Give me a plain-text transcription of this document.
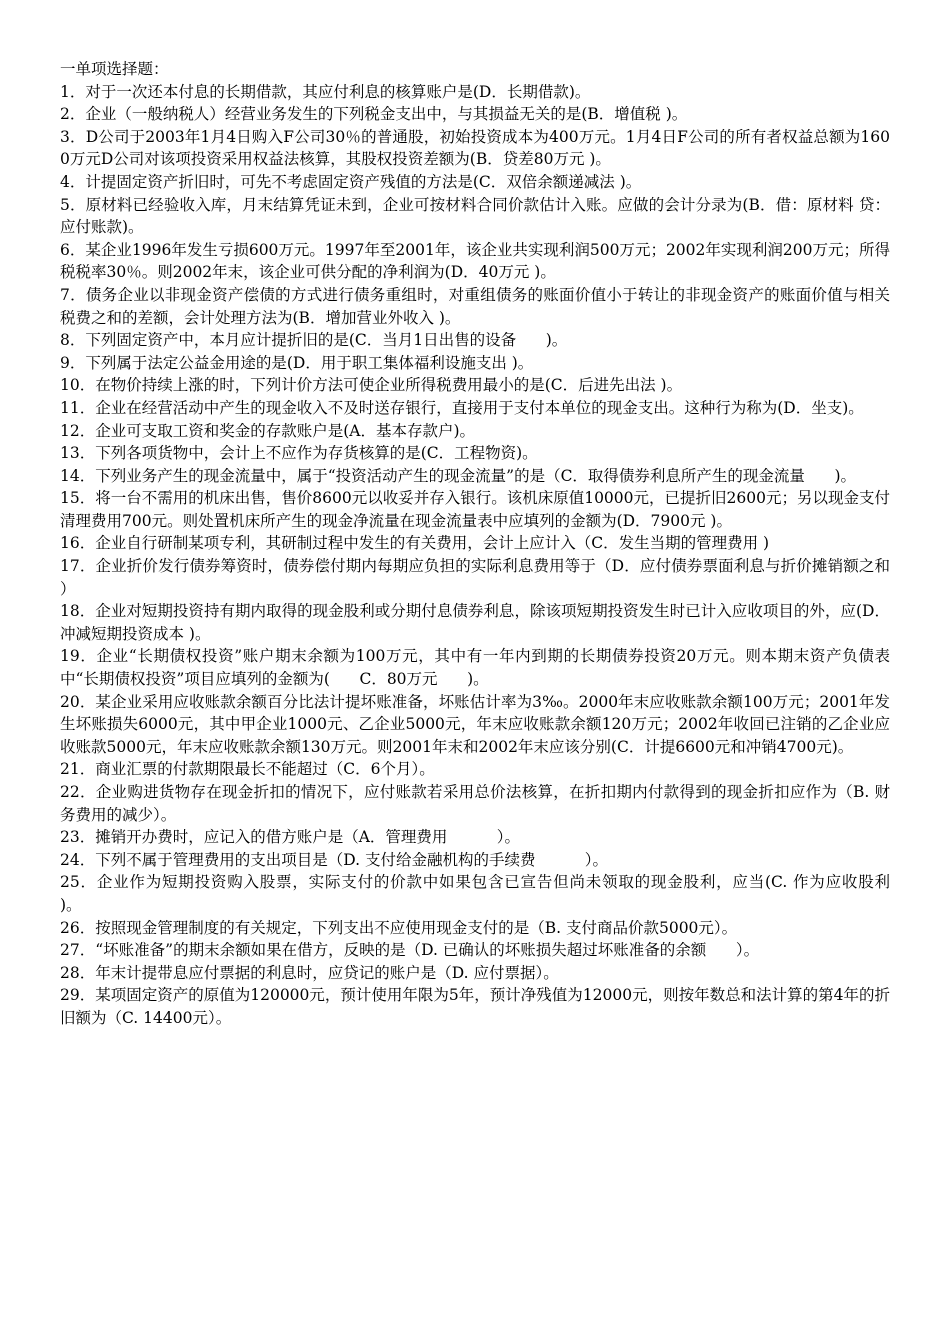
一单项选择题：

1．对于一次还本付息的长期借款，其应付利息的核算账户是(D．长期借款)。

2．企业（一般纳税人）经营业务发生的下列税金支出中，与其损益无关的是(B．增值税 )。

3．D公司于2003年1月4日购入F公司30％的普通股，初始投资成本为400万元。1月4日F公司的所有者权益总额为1600万元D公司对该项投资采用权益法核算，其股权投资差额为(B．贷差80万元 )。

4．计提固定资产折旧时，可先不考虑固定资产残值的方法是(C．双倍余额递减法 )。

5．原材料已经验收入库，月末结算凭证未到，企业可按材料合同价款估计入账。应做的会计分录为(B．借：原材料 贷：应付账款)。

6．某企业1996年发生亏损600万元。1997年至2001年，该企业共实现利润500万元；2002年实现利润200万元；所得税税率30％。则2002年末，该企业可供分配的净利润为(D．40万元 )。

7．债务企业以非现金资产偿债的方式进行债务重组时，对重组债务的账面价值小于转让的非现金资产的账面价值与相关税费之和的差额，会计处理方法为(B．增加营业外收入 )。

8．下列固定资产中，本月应计提折旧的是(C．当月1日出售的设备      )。

9．下列属于法定公益金用途的是(D．用于职工集体福利设施支出 )。

10．在物价持续上涨的时，下列计价方法可使企业所得税费用最小的是(C．后进先出法 )。

11．企业在经营活动中产生的现金收入不及时送存银行，直接用于支付本单位的现金支出。这种行为称为(D．坐支)。

12．企业可支取工资和奖金的存款账户是(A．基本存款户)。

13．下列各项货物中，会计上不应作为存货核算的是(C．工程物资)。

14．下列业务产生的现金流量中，属于“投资活动产生的现金流量”的是（C．取得债券利息所产生的现金流量      )。

15．将一台不需用的机床出售，售价8600元以收妥并存入银行。该机床原值10000元，已提折旧2600元；另以现金支付清理费用700元。则处置机床所产生的现金净流量在现金流量表中应填列的金额为(D．7900元 )。

16．企业自行研制某项专利，其研制过程中发生的有关费用，会计上应计入（C．发生当期的管理费用 )

17．企业折价发行债券筹资时，债券偿付期内每期应负担的实际利息费用等于（D．应付债券票面利息与折价摊销额之和 ）

18．企业对短期投资持有期内取得的现金股利或分期付息债券利息，除该项短期投资发生时已计入应收项目的外，应(D．冲减短期投资成本 )。

19．企业“长期债权投资”账户期末余额为100万元，其中有一年内到期的长期债券投资20万元。则本期末资产负债表中“长期债权投资”项目应填列的金额为(      C．80万元      )。

20．某企业采用应收账款余额百分比法计提坏账准备，坏账估计率为3‰。2000年末应收账款余额100万元；2001年发生坏账损失6000元，其中甲企业1000元、乙企业5000元，年末应收账款余额120万元；2002年收回已注销的乙企业应收账款5000元，年末应收账款余额130万元。则2001年末和2002年末应该分别(C．计提6600元和冲销4700元)。

21．商业汇票的付款期限最长不能超过（C．6个月）。

22．企业购进货物存在现金折扣的情况下，应付账款若采用总价法核算，在折扣期内付款得到的现金折扣应作为（B. 财务费用的减少）。

23．摊销开办费时，应记入的借方账户是（A．管理费用          ）。

24．下列不属于管理费用的支出项目是（D. 支付给金融机构的手续费          ）。

25．企业作为短期投资购入股票，实际支付的价款中如果包含已宣告但尚未领取的现金股利，应当(C. 作为应收股利          )。

26．按照现金管理制度的有关规定，下列支出不应使用现金支付的是（B. 支付商品价款5000元）。

27．“坏账准备”的期末余额如果在借方，反映的是（D. 已确认的坏账损失超过坏账准备的余额      ）。

28．年末计提带息应付票据的利息时，应贷记的账户是（D. 应付票据）。

29．某项固定资产的原值为120000元，预计使用年限为5年，预计净残值为12000元，则按年数总和法计算的第4年的折旧额为（C. 14400元）。
